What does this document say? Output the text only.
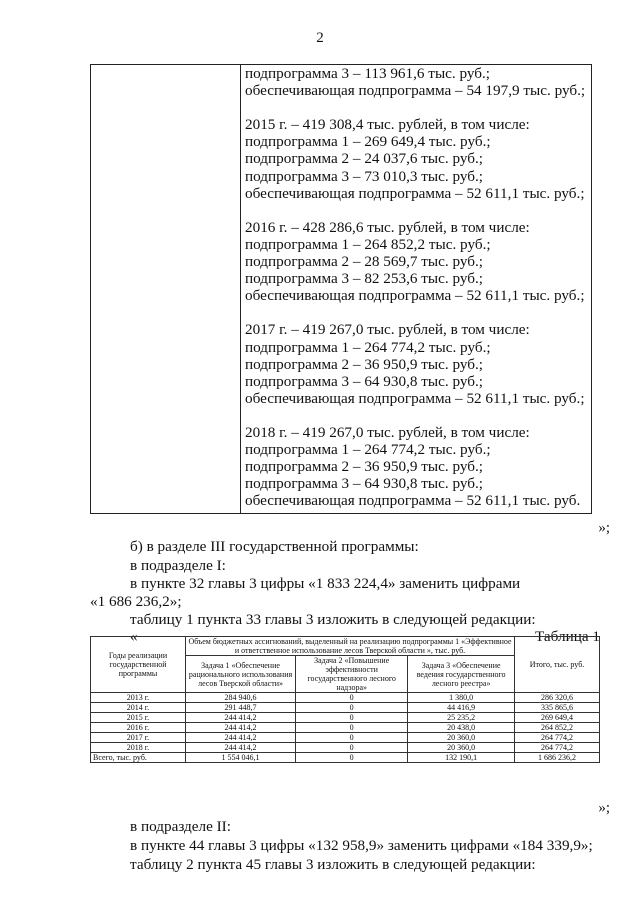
2
подпрограмма 3 – 113 961,6 тыс. руб.;
обеспечивающая подпрограмма – 54 197,9 тыс. руб.;

2015 г. – 419 308,4 тыс. рублей, в том числе:
подпрограмма 1 – 269 649,4 тыс. руб.;
подпрограмма 2 – 24 037,6 тыс. руб.;
подпрограмма 3 – 73 010,3 тыс. руб.;
обеспечивающая подпрограмма – 52 611,1 тыс. руб.;

2016 г. – 428 286,6 тыс. рублей, в том числе:
подпрограмма 1 – 264 852,2 тыс. руб.;
подпрограмма 2 – 28 569,7 тыс. руб.;
подпрограмма 3 – 82 253,6 тыс. руб.;
обеспечивающая подпрограмма – 52 611,1 тыс. руб.;

2017 г. – 419 267,0 тыс. рублей, в том числе:
подпрограмма 1 – 264 774,2 тыс. руб.;
подпрограмма 2 – 36 950,9 тыс. руб.;
подпрограмма 3 – 64 930,8 тыс. руб.;
обеспечивающая подпрограмма – 52 611,1 тыс. руб.;

2018 г. – 419 267,0 тыс. рублей, в том числе:
подпрограмма 1 – 264 774,2 тыс. руб.;
подпрограмма 2 – 36 950,9 тыс. руб.;
подпрограмма 3 – 64 930,8 тыс. руб.;
обеспечивающая подпрограмма – 52 611,1 тыс. руб.
»;
б) в разделе III государственной программы:
в подразделе I:
в пункте 32 главы 3 цифры «1 833 224,4» заменить цифрами
«1 686 236,2»;
таблицу 1 пункта 33 главы 3 изложить в следующей редакции:
«	Таблица 1
Годы реализации государственной программы	Объем бюджетных ассигнований, выделенный на реализацию подпрограммы 1 «Эффективное и ответственное использование лесов Тверской области », тыс. руб.			Итого, тыс. руб.
	Задача 1 «Обеспечение рационального использования лесов Тверской области»	Задача 2 «Повышение эффективности государственного лесного надзора»	Задача 3 «Обеспечение ведения государственного лесного реестра»	
2013 г.	284 940,6	0	1 380,0	286 320,6
2014 г.	291 448,7	0	44 416,9	335 865,6
2015 г.	244 414,2	0	25 235,2	269 649,4
2016 г.	244 414,2	0	20 438,0	264 852,2
2017 г.	244 414,2	0	20 360,0	264 774,2
2018 г.	244 414,2	0	20 360,0	264 774,2
Всего, тыс. руб.	1 554 046,1	0	132 190,1	1 686 236,2
»;
в подразделе II:
в пункте 44 главы 3 цифры «132 958,9» заменить цифрами «184 339,9»;
таблицу 2 пункта 45 главы 3 изложить в следующей редакции:
